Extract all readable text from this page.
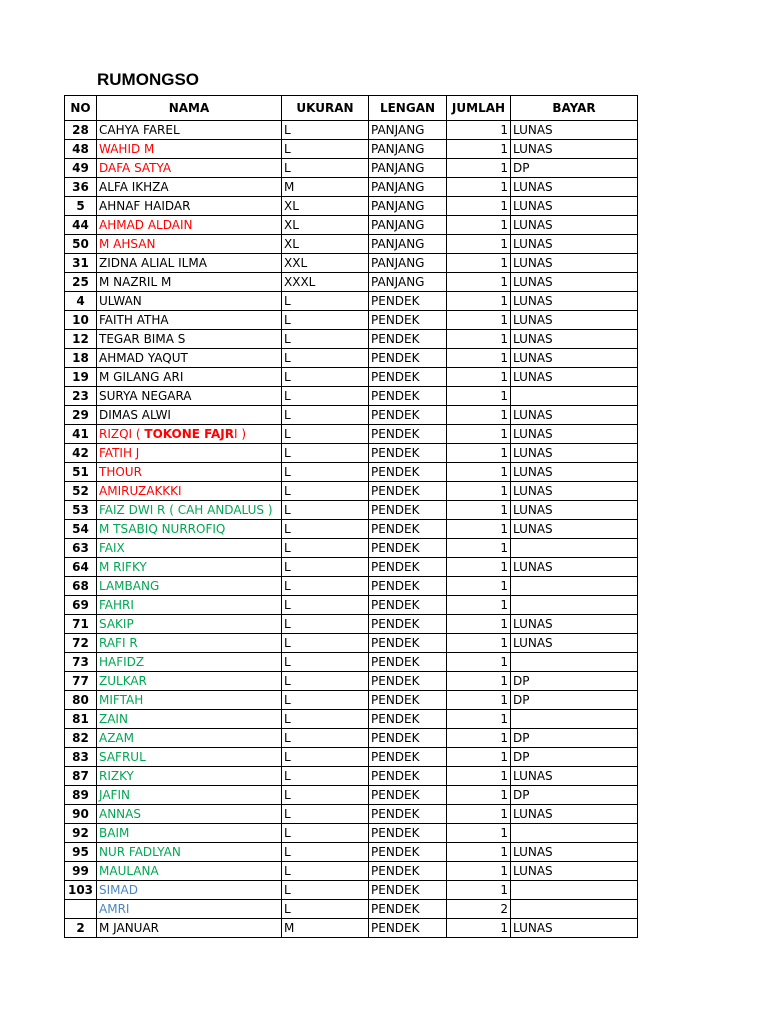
RUMONGSO
NO	NAMA	UKURAN	LENGAN	JUMLAH	BAYAR
28	CAHYA FAREL	L	PANJANG	1	LUNAS
48	WAHID M	L	PANJANG	1	LUNAS
49	DAFA SATYA	L	PANJANG	1	DP
36	ALFA IKHZA	M	PANJANG	1	LUNAS
5	AHNAF HAIDAR	XL	PANJANG	1	LUNAS
44	AHMAD ALDAIN	XL	PANJANG	1	LUNAS
50	M AHSAN	XL	PANJANG	1	LUNAS
31	ZIDNA ALIAL ILMA	XXL	PANJANG	1	LUNAS
25	M NAZRIL M	XXXL	PANJANG	1	LUNAS
4	ULWAN	L	PENDEK	1	LUNAS
10	FAITH ATHA	L	PENDEK	1	LUNAS
12	TEGAR BIMA S	L	PENDEK	1	LUNAS
18	AHMAD YAQUT	L	PENDEK	1	LUNAS
19	M GILANG ARI	L	PENDEK	1	LUNAS
23	SURYA NEGARA	L	PENDEK	1	
29	DIMAS ALWI	L	PENDEK	1	LUNAS
41	RIZQI ( TOKONE FAJRI )	L	PENDEK	1	LUNAS
42	FATIH J	L	PENDEK	1	LUNAS
51	THOUR	L	PENDEK	1	LUNAS
52	AMIRUZAKKKI	L	PENDEK	1	LUNAS
53	FAIZ DWI R ( CAH ANDALUS )	L	PENDEK	1	LUNAS
54	M TSABIQ NURROFIQ	L	PENDEK	1	LUNAS
63	FAIX	L	PENDEK	1	
64	M RIFKY	L	PENDEK	1	LUNAS
68	LAMBANG	L	PENDEK	1	
69	FAHRI	L	PENDEK	1	
71	SAKIP	L	PENDEK	1	LUNAS
72	RAFI R	L	PENDEK	1	LUNAS
73	HAFIDZ	L	PENDEK	1	
77	ZULKAR	L	PENDEK	1	DP
80	MIFTAH	L	PENDEK	1	DP
81	ZAIN	L	PENDEK	1	
82	AZAM	L	PENDEK	1	DP
83	SAFRUL	L	PENDEK	1	DP
87	RIZKY	L	PENDEK	1	LUNAS
89	JAFIN	L	PENDEK	1	DP
90	ANNAS	L	PENDEK	1	LUNAS
92	BAIM	L	PENDEK	1	
95	NUR FADLYAN	L	PENDEK	1	LUNAS
99	MAULANA	L	PENDEK	1	LUNAS
103	SIMAD	L	PENDEK	1	
	AMRI	L	PENDEK	2	
2	M JANUAR	M	PENDEK	1	LUNAS
